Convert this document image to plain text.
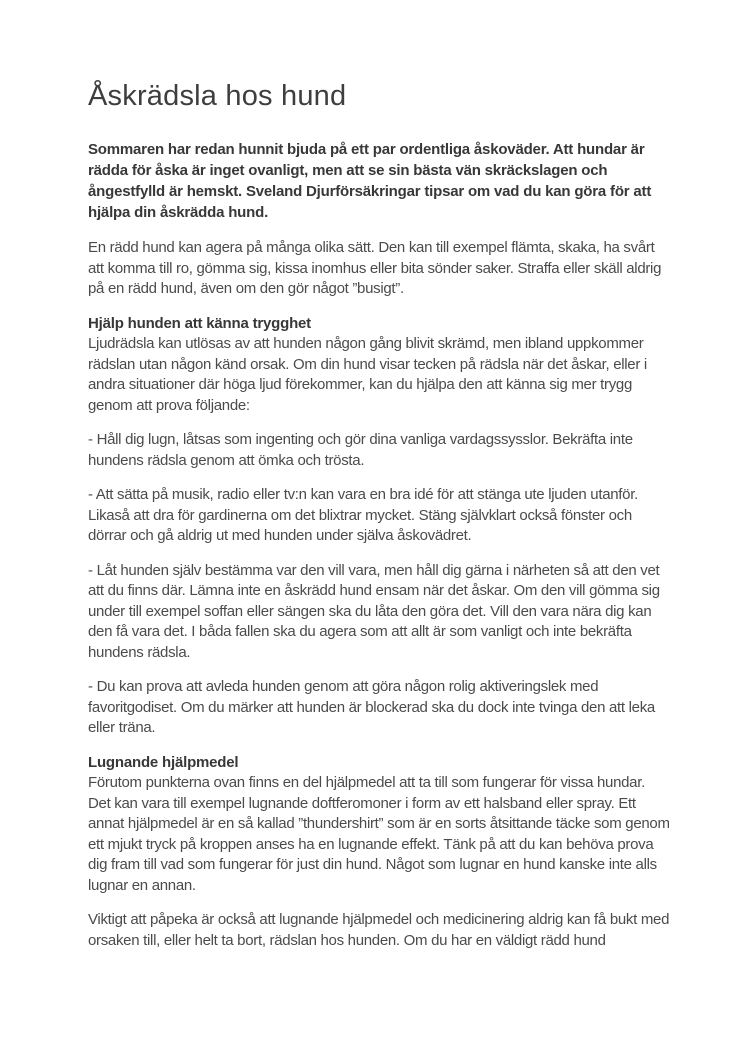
Åskrädsla hos hund

Sommaren har redan hunnit bjuda på ett par ordentliga åskoväder. Att hundar är rädda för åska är inget ovanligt, men att se sin bästa vän skräckslagen och ångestfylld är hemskt. Sveland Djurförsäkringar tipsar om vad du kan göra för att hjälpa din åskrädda hund.

En rädd hund kan agera på många olika sätt. Den kan till exempel flämta, skaka, ha svårt att komma till ro, gömma sig, kissa inomhus eller bita sönder saker. Straffa eller skäll aldrig på en rädd hund, även om den gör något ”busigt”.

Hjälp hunden att känna trygghet

Ljudrädsla kan utlösas av att hunden någon gång blivit skrämd, men ibland uppkommer rädslan utan någon känd orsak. Om din hund visar tecken på rädsla när det åskar, eller i andra situationer där höga ljud förekommer, kan du hjälpa den att känna sig mer trygg genom att prova följande:

- Håll dig lugn, låtsas som ingenting och gör dina vanliga vardagssysslor. Bekräfta inte hundens rädsla genom att ömka och trösta.

- Att sätta på musik, radio eller tv:n kan vara en bra idé för att stänga ute ljuden utanför. Likaså att dra för gardinerna om det blixtrar mycket. Stäng självklart också fönster och dörrar och gå aldrig ut med hunden under själva åskovädret.

- Låt hunden själv bestämma var den vill vara, men håll dig gärna i närheten så att den vet att du finns där. Lämna inte en åskrädd hund ensam när det åskar. Om den vill gömma sig under till exempel soffan eller sängen ska du låta den göra det. Vill den vara nära dig kan den få vara det. I båda fallen ska du agera som att allt är som vanligt och inte bekräfta hundens rädsla.

- Du kan prova att avleda hunden genom att göra någon rolig aktiveringslek med favoritgodiset. Om du märker att hunden är blockerad ska du dock inte tvinga den att leka eller träna.

Lugnande hjälpmedel

Förutom punkterna ovan finns en del hjälpmedel att ta till som fungerar för vissa hundar. Det kan vara till exempel lugnande doftferomoner i form av ett halsband eller spray. Ett annat hjälpmedel är en så kallad ”thundershirt” som är en sorts åtsittande täcke som genom ett mjukt tryck på kroppen anses ha en lugnande effekt. Tänk på att du kan behöva prova dig fram till vad som fungerar för just din hund. Något som lugnar en hund kanske inte alls lugnar en annan.

Viktigt att påpeka är också att lugnande hjälpmedel och medicinering aldrig kan få bukt med orsaken till, eller helt ta bort, rädslan hos hunden. Om du har en väldigt rädd hund
